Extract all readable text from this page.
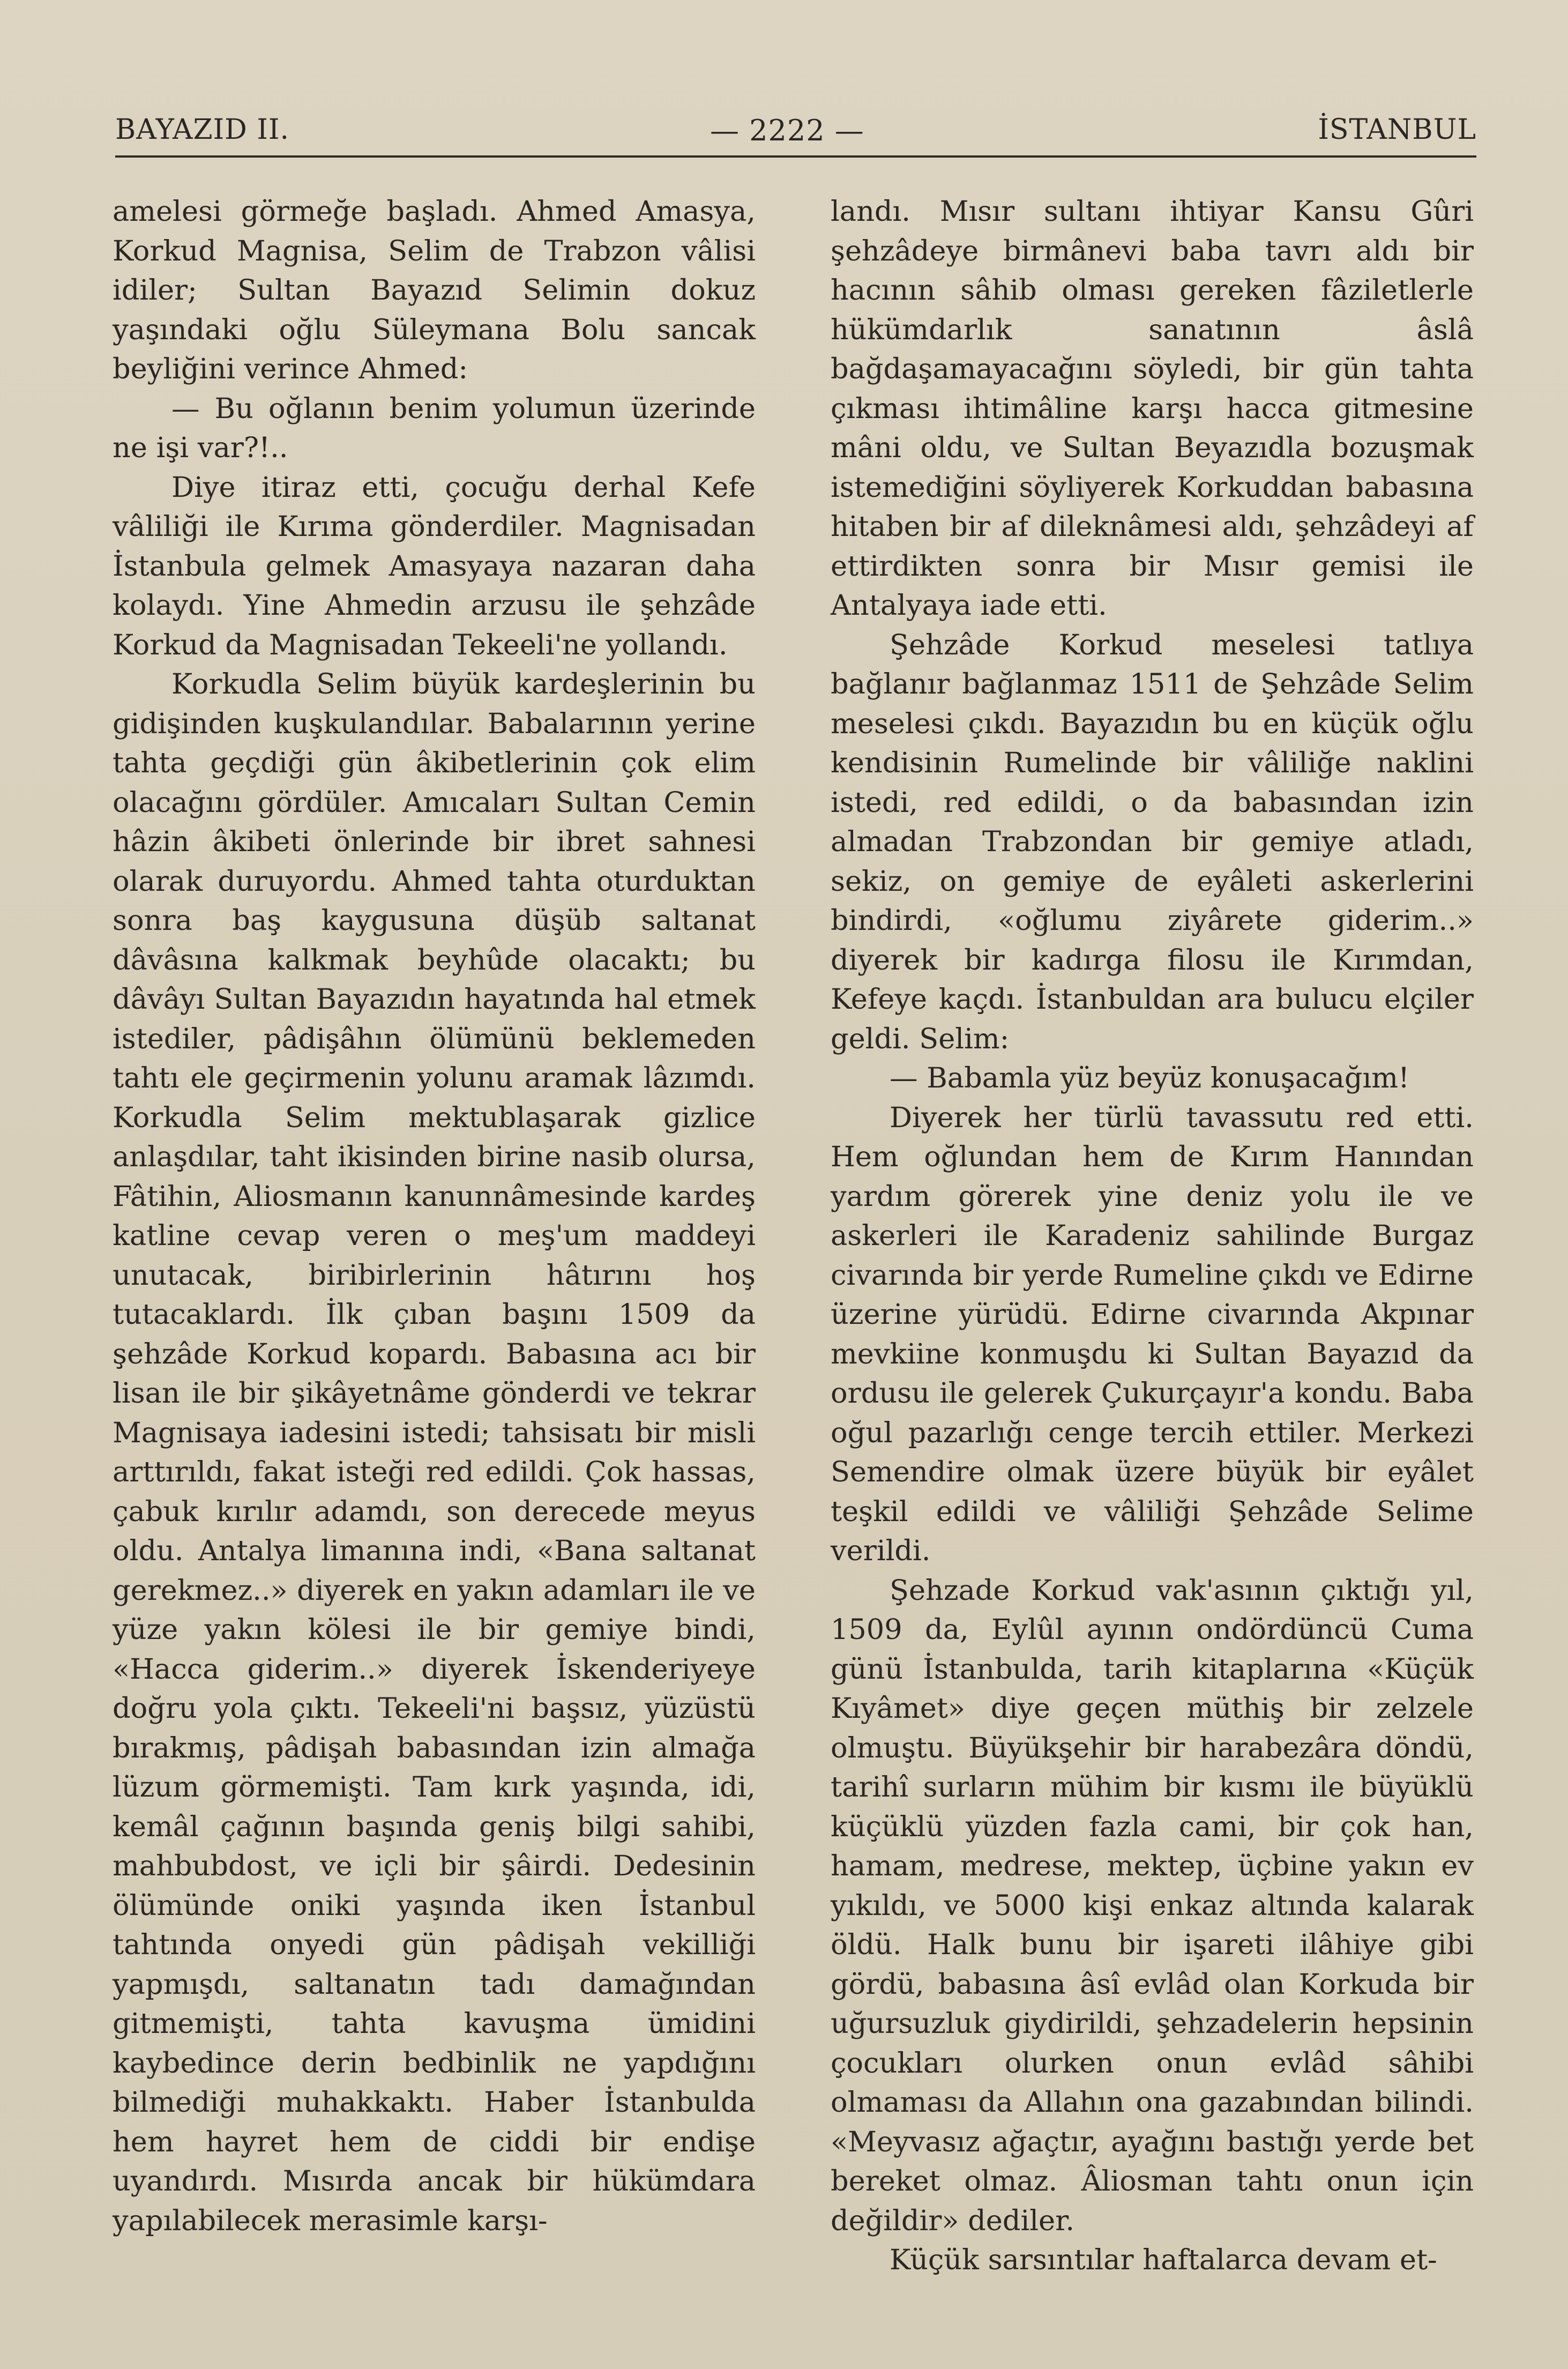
BAYAZID II.	— 2222 —	İSTANBUL

amelesi görmeğe başladı. Ahmed Amasya, Korkud Magnisa, Selim de Trabzon vâlisi idiler; Sultan Bayazıd Selimin dokuz yaşındaki oğlu Süleymana Bolu sancak beyliğini verince Ahmed:

— Bu oğlanın benim yolumun üzerinde ne işi var?!..

Diye itiraz etti, çocuğu derhal Kefe vâliliği ile Kırıma gönderdiler. Magnisadan İstanbula gelmek Amasyaya nazaran daha kolaydı. Yine Ahmedin arzusu ile şehzâde Korkud da Magnisadan Tekeeli'ne yollandı.

Korkudla Selim büyük kardeşlerinin bu gidişinden kuşkulandılar. Babalarının yerine tahta geçdiği gün âkibetlerinin çok elim olacağını gördüler. Amıcaları Sultan Cemin hâzin âkibeti önlerinde bir ibret sahnesi olarak duruyordu. Ahmed tahta oturduktan sonra baş kaygusuna düşüb saltanat dâvâsına kalkmak beyhûde olacaktı; bu dâvâyı Sultan Bayazıdın hayatında hal etmek istediler, pâdişâhın ölümünü beklemeden tahtı ele geçirmenin yolunu aramak lâzımdı. Korkudla Selim mektublaşarak gizlice anlaşdılar, taht ikisinden birine nasib olursa, Fâtihin, Aliosmanın kanunnâmesinde kardeş katline cevap veren o meş'um maddeyi unutacak, biribirlerinin hâtırını hoş tutacaklardı. İlk çıban başını 1509 da şehzâde Korkud kopardı. Babasına acı bir lisan ile bir şikâyetnâme gönderdi ve tekrar Magnisaya iadesini istedi; tahsisatı bir misli arttırıldı, fakat isteği red edildi. Çok hassas, çabuk kırılır adamdı, son derecede meyus oldu. Antalya limanına indi, «Bana saltanat gerekmez..» diyerek en yakın adamları ile ve yüze yakın kölesi ile bir gemiye bindi, «Hacca giderim..» diyerek İskenderiyeye doğru yola çıktı. Tekeeli'ni başsız, yüzüstü bırakmış, pâdişah babasından izin almağa lüzum görmemişti. Tam kırk yaşında, idi, kemâl çağının başında geniş bilgi sahibi, mahbubdost, ve içli bir şâirdi. Dedesinin ölümünde oniki yaşında iken İstanbul tahtında onyedi gün pâdişah vekilliği yapmışdı, saltanatın tadı damağından gitmemişti, tahta kavuşma ümidini kaybedince derin bedbinlik ne yapdığını bilmediği muhakkaktı. Haber İstanbulda hem hayret hem de ciddi bir endişe uyandırdı. Mısırda ancak bir hükümdara yapılabilecek merasimle karşı-

landı. Mısır sultanı ihtiyar Kansu Gûri şehzâdeye birmânevi baba tavrı aldı bir hacının sâhib olması gereken fâziletlerle hükümdarlık sanatının âslâ bağdaşamayacağını söyledi, bir gün tahta çıkması ihtimâline karşı hacca gitmesine mâni oldu, ve Sultan Beyazıdla bozuşmak istemediğini söyliyerek Korkuddan babasına hitaben bir af dileknâmesi aldı, şehzâdeyi af ettirdikten sonra bir Mısır gemisi ile Antalyaya iade etti.

Şehzâde Korkud meselesi tatlıya bağlanır bağlanmaz 1511 de Şehzâde Selim meselesi çıkdı. Bayazıdın bu en küçük oğlu kendisinin Rumelinde bir vâliliğe naklini istedi, red edildi, o da babasından izin almadan Trabzondan bir gemiye atladı, sekiz, on gemiye de eyâleti askerlerini bindirdi, «oğlumu ziyârete giderim..» diyerek bir kadırga filosu ile Kırımdan, Kefeye kaçdı. İstanbuldan ara bulucu elçiler geldi. Selim:

— Babamla yüz beyüz konuşacağım!

Diyerek her türlü tavassutu red etti. Hem oğlundan hem de Kırım Hanından yardım görerek yine deniz yolu ile ve askerleri ile Karadeniz sahilinde Burgaz civarında bir yerde Rumeline çıkdı ve Edirne üzerine yürüdü. Edirne civarında Akpınar mevkiine konmuşdu ki Sultan Bayazıd da ordusu ile gelerek Çukurçayır'a kondu. Baba oğul pazarlığı cenge tercih ettiler. Merkezi Semendire olmak üzere büyük bir eyâlet teşkil edildi ve vâliliği Şehzâde Selime verildi.

Şehzade Korkud vak'asının çıktığı yıl, 1509 da, Eylûl ayının ondördüncü Cuma günü İstanbulda, tarih kitaplarına «Küçük Kıyâmet» diye geçen müthiş bir zelzele olmuştu. Büyükşehir bir harabezâra döndü, tarihî surların mühim bir kısmı ile büyüklü küçüklü yüzden fazla cami, bir çok han, hamam, medrese, mektep, üçbine yakın ev yıkıldı, ve 5000 kişi enkaz altında kalarak öldü. Halk bunu bir işareti ilâhiye gibi gördü, babasına âsî evlâd olan Korkuda bir uğursuzluk giydirildi, şehzadelerin hepsinin çocukları olurken onun evlâd sâhibi olmaması da Allahın ona gazabından bilindi. «Meyvasız ağaçtır, ayağını bastığı yerde bet bereket olmaz. Âliosman tahtı onun için değildir» dediler.

Küçük sarsıntılar haftalarca devam et-
